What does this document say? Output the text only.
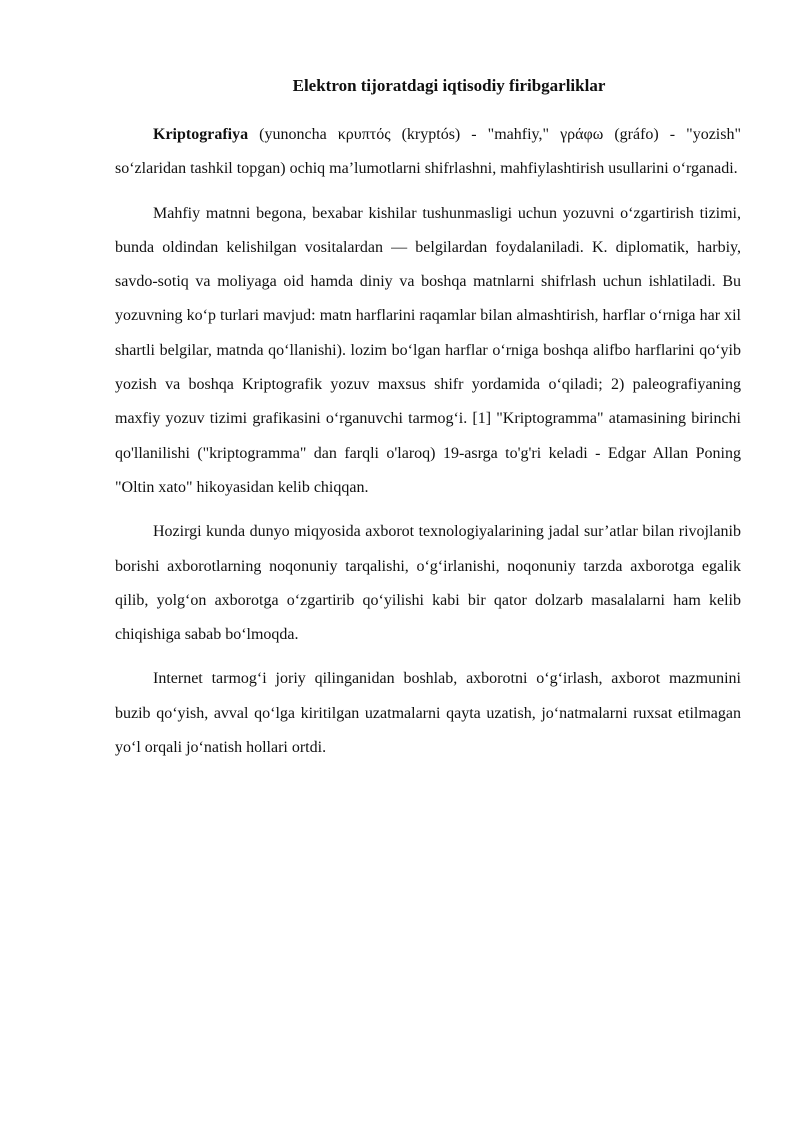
Elektron tijoratdagi iqtisodiy firibgarliklar

Kriptografiya (yunoncha κρυπτός (kryptós) - "mahfiy," γράφω (gráfo) - "yozish" so‘zlaridan tashkil topgan) ochiq ma’lumotlarni shifrlashni, mahfiylashtirish usullarini o‘rganadi.

Mahfiy matnni begona, bexabar kishilar tushunmasligi uchun yozuvni o‘zgartirish tizimi, bunda oldindan kelishilgan vositalardan — belgilardan foydalaniladi. K. diplomatik, harbiy, savdo-sotiq va moliyaga oid hamda diniy va boshqa matnlarni shifrlash uchun ishlatiladi. Bu yozuvning ko‘p turlari mavjud: matn harflarini raqamlar bilan almashtirish, harflar o‘rniga har xil shartli belgilar, matnda qo‘llanishi). lozim bo‘lgan harflar o‘rniga boshqa alifbo harflarini qo‘yib yozish va boshqa Kriptografik yozuv maxsus shifr yordamida o‘qiladi; 2) paleografiyaning maxfiy yozuv tizimi grafikasini o‘rganuvchi tarmog‘i. [1] "Kriptogramma" atamasining birinchi qo'llanilishi ("kriptogramma" dan farqli o'laroq) 19-asrga to'g'ri keladi - Edgar Allan Poning "Oltin xato" hikoyasidan kelib chiqqan.

Hozirgi kunda dunyo miqyosida axborot texnologiyalarining jadal sur’atlar bilan rivojlanib borishi axborotlarning noqonuniy tarqalishi, o‘g‘irlanishi, noqonuniy tarzda axborotga egalik qilib, yolg‘on axborotga o‘zgartirib qo‘yilishi kabi bir qator dolzarb masalalarni ham kelib chiqishiga sabab bo‘lmoqda.

Internet tarmog‘i joriy qilinganidan boshlab, axborotni o‘g‘irlash, axborot mazmunini buzib qo‘yish, avval qo‘lga kiritilgan uzatmalarni qayta uzatish, jo‘natmalarni ruxsat etilmagan yo‘l orqali jo‘natish hollari ortdi.
